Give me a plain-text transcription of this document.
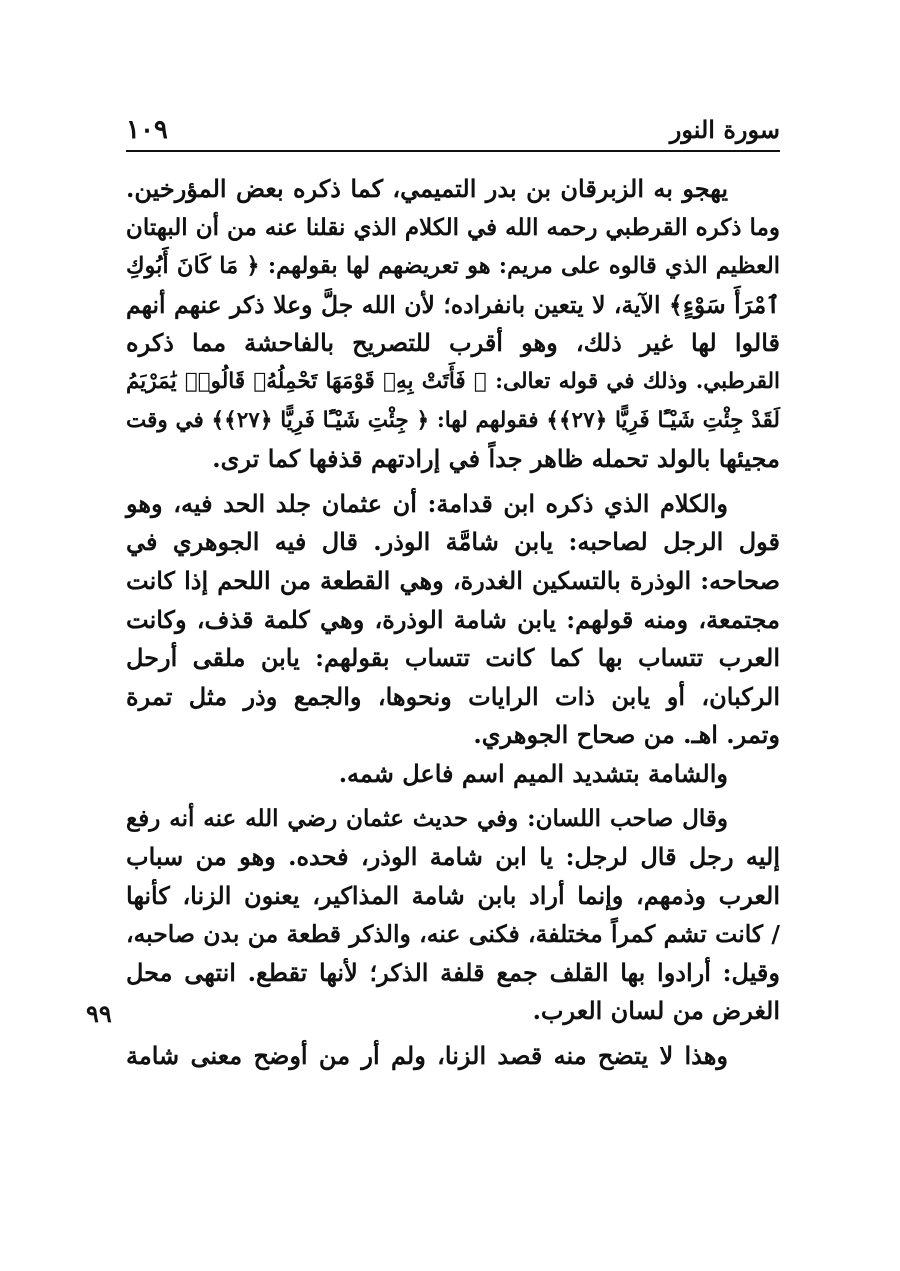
سورة النور
١٠٩
يهجو به الزبرقان بن بدر التميمي، كما ذكره بعض المؤرخين.
وما ذكره القرطبي رحمه الله في الكلام الذي نقلنا عنه من أن البهتان
العظيم الذي قالوه على مريم: هو تعريضهم لها بقولهم: ﴿ مَا كَانَ أَبُوكِ
ٱمْرَأَ سَوْءٍ﴾ الآية، لا يتعين بانفراده؛ لأن الله جلَّ وعلا ذكر عنهم أنهم
قالوا لها غير ذلك، وهو أقرب للتصريح بالفاحشة مما ذكره
القرطبي. وذلك في قوله تعالى: ﴿ فَأَتَتْ بِهِۦ قَوْمَهَا تَحْمِلُهُۥ قَالُوا۟ يَٰمَرْيَمُ
لَقَدْ جِئْتِ شَيْـًٔا فَرِيًّا ﴿٢٧﴾﴾ فقولهم لها: ﴿ جِئْتِ شَيْـًٔا فَرِيًّا ﴿٢٧﴾﴾ في وقت
مجيئها بالولد تحمله ظاهر جداً في إرادتهم قذفها كما ترى.
والكلام الذي ذكره ابن قدامة: أن عثمان جلد الحد فيه، وهو
قول الرجل لصاحبه: يابن شامَّة الوذر. قال فيه الجوهري في
صحاحه: الوذرة بالتسكين الغدرة، وهي القطعة من اللحم إذا كانت
مجتمعة، ومنه قولهم: يابن شامة الوذرة، وهي كلمة قذف، وكانت
العرب تتساب بها كما كانت تتساب بقولهم: يابن ملقى أرحل
الركبان، أو يابن ذات الرايات ونحوها، والجمع وذر مثل تمرة
وتمر. اهـ. من صحاح الجوهري.
والشامة بتشديد الميم اسم فاعل شمه.
وقال صاحب اللسان: وفي حديث عثمان رضي الله عنه أنه رفع
إليه رجل قال لرجل: يا ابن شامة الوذر، فحده. وهو من سباب
العرب وذمهم، وإنما أراد بابن شامة المذاكير، يعنون الزنا، كأنها
/ كانت تشم كمراً مختلفة، فكنى عنه، والذكر قطعة من بدن صاحبه،
وقيل: أرادوا بها القلف جمع قلفة الذكر؛ لأنها تقطع. انتهى محل
الغرض من لسان العرب.
وهذا لا يتضح منه قصد الزنا، ولم أر من أوضح معنى شامة
٩٩
